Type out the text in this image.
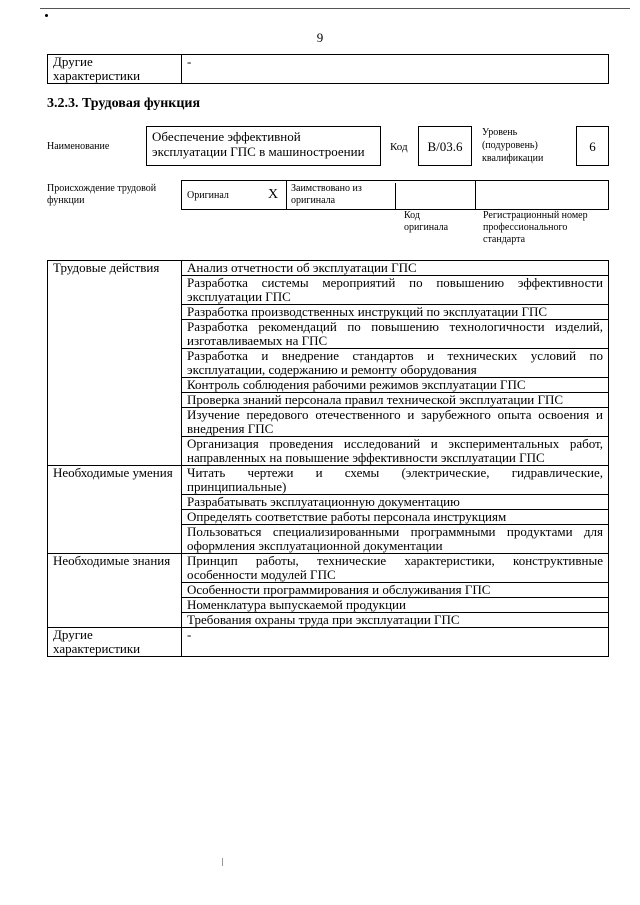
9
Другие характеристики	-
3.2.3. Трудовая функция
Наименование
Обеспечение эффективной эксплуатации ГПС в машиностроении	Код	В/03.6
Уровень (подуровень) квалификации
6
Происхождение трудовой функции	Оригинал	X	Заимствовано из оригинала
Код оригинала
Регистрационный номер профессионального стандарта
Трудовые действия	Анализ отчетности об эксплуатации ГПС
	Разработка системы мероприятий по повышению эффективности эксплуатации ГПС
	Разработка производственных инструкций по эксплуатации ГПС
	Разработка рекомендаций по повышению технологичности изделий, изготавливаемых на ГПС
	Разработка и внедрение стандартов и технических условий по эксплуатации, содержанию и ремонту оборудования
	Контроль соблюдения рабочими режимов эксплуатации ГПС
	Проверка знаний персонала правил технической эксплуатации ГПС
	Изучение передового отечественного и зарубежного опыта освоения и внедрения ГПС
	Организация проведения исследований и экспериментальных работ, направленных на повышение эффективности эксплуатации ГПС
Необходимые умения	Читать чертежи и схемы (электрические, гидравлические, принципиальные)
	Разрабатывать эксплуатационную документацию
	Определять соответствие работы персонала инструкциям
	Пользоваться специализированными программными продуктами для оформления эксплуатационной документации
Необходимые знания	Принцип работы, технические характеристики, конструктивные особенности модулей ГПС
	Особенности программирования и обслуживания ГПС
	Номенклатура выпускаемой продукции
	Требования охраны труда при эксплуатации ГПС
Другие характеристики	-
